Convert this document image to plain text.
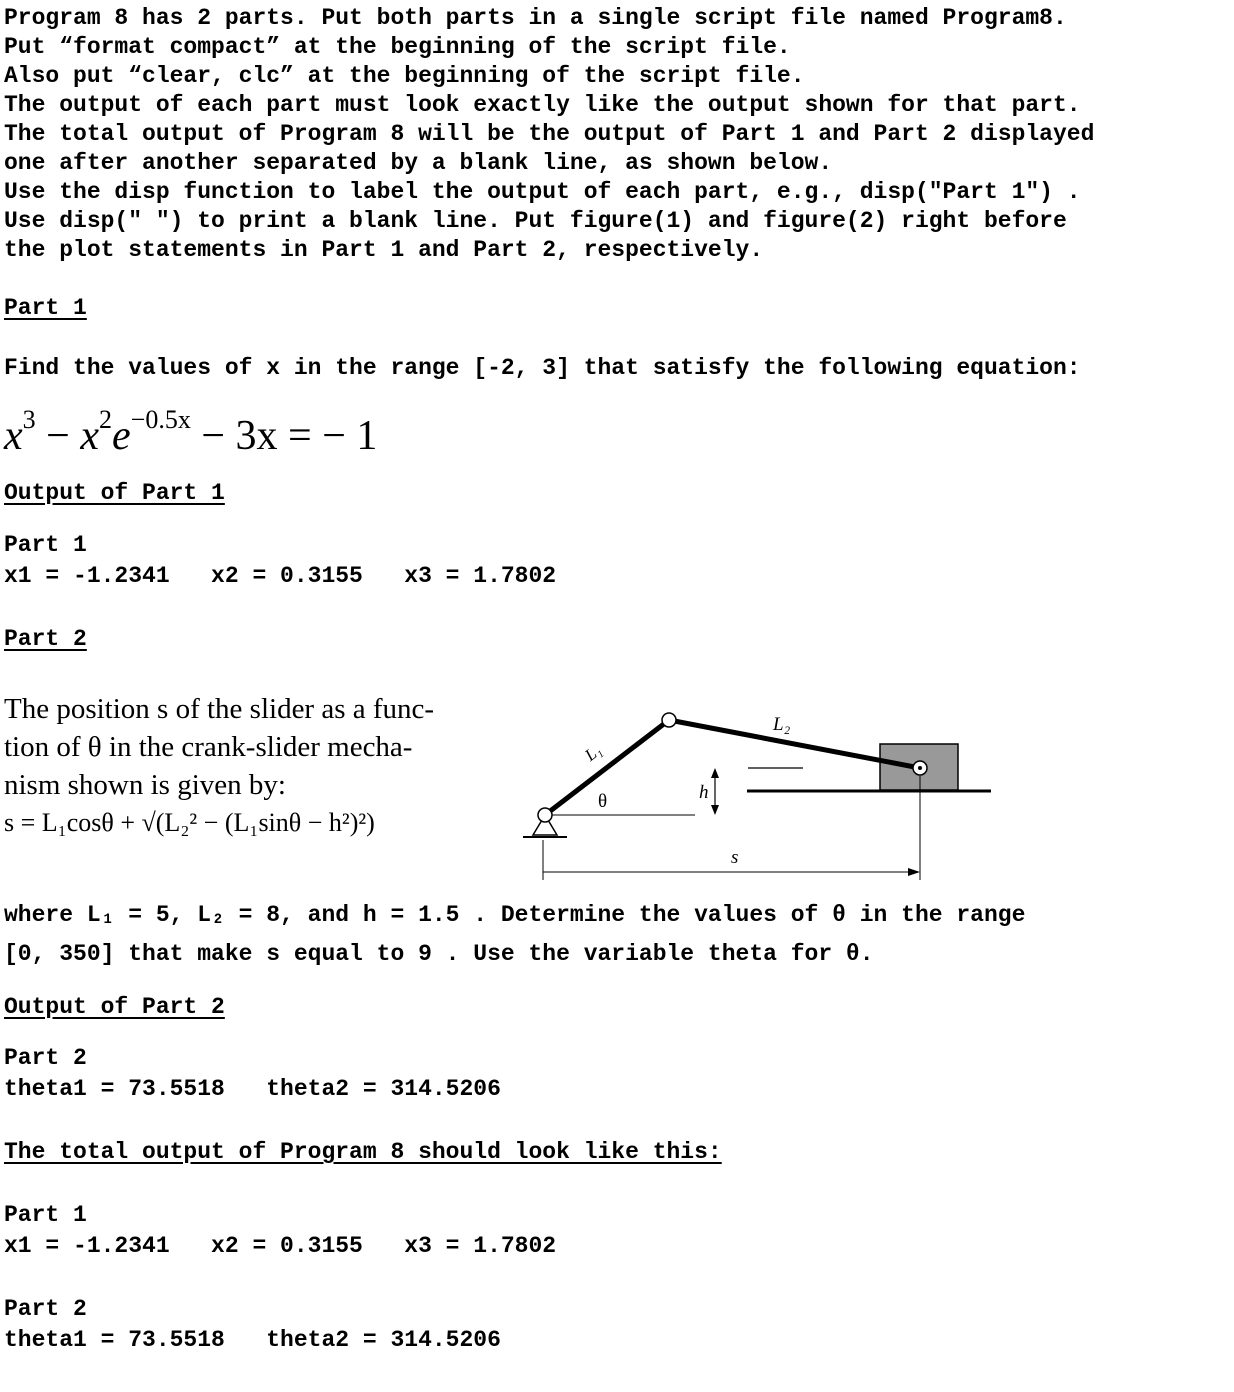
Program 8 has 2 parts. Put both parts in a single script file named Program8.
Put “format compact” at the beginning of the script file.
Also put “clear, clc” at the beginning of the script file.
The output of each part must look exactly like the output shown for that part.
The total output of Program 8 will be the output of Part 1 and Part 2 displayed
one after another separated by a blank line, as shown below.
Use the disp function to label the output of each part, e.g., disp("Part 1") .
Use disp(" ") to print a blank line. Put figure(1) and figure(2) right before
the plot statements in Part 1 and Part 2, respectively.
Part 1
Find the values of x in the range [-2, 3] that satisfy the following equation:
$x^3 - x^2e^{-0.5x} - 3x$ = − 1
Output of Part 1
Part 1
x1 = -1.2341   x2 = 0.3155   x3 = 1.7802
Part 2
The position s of the slider as a func-
tion of θ in the crank-slider mecha-
nism shown is given by:
s = L₁cosθ + √(L₂² − (L₁sinθ − h²)²)
L₁
L₂
θ	h
s
where L₁ = 5, L₂ = 8, and h = 1.5 . Determine the values of θ in the range
[0, 350] that make s equal to 9 . Use the variable theta for θ.
Output of Part 2
Part 2
theta1 = 73.5518   theta2 = 314.5206
The total output of Program 8 should look like this:
Part 1
x1 = -1.2341   x2 = 0.3155   x3 = 1.7802
Part 2
theta1 = 73.5518   theta2 = 314.5206
